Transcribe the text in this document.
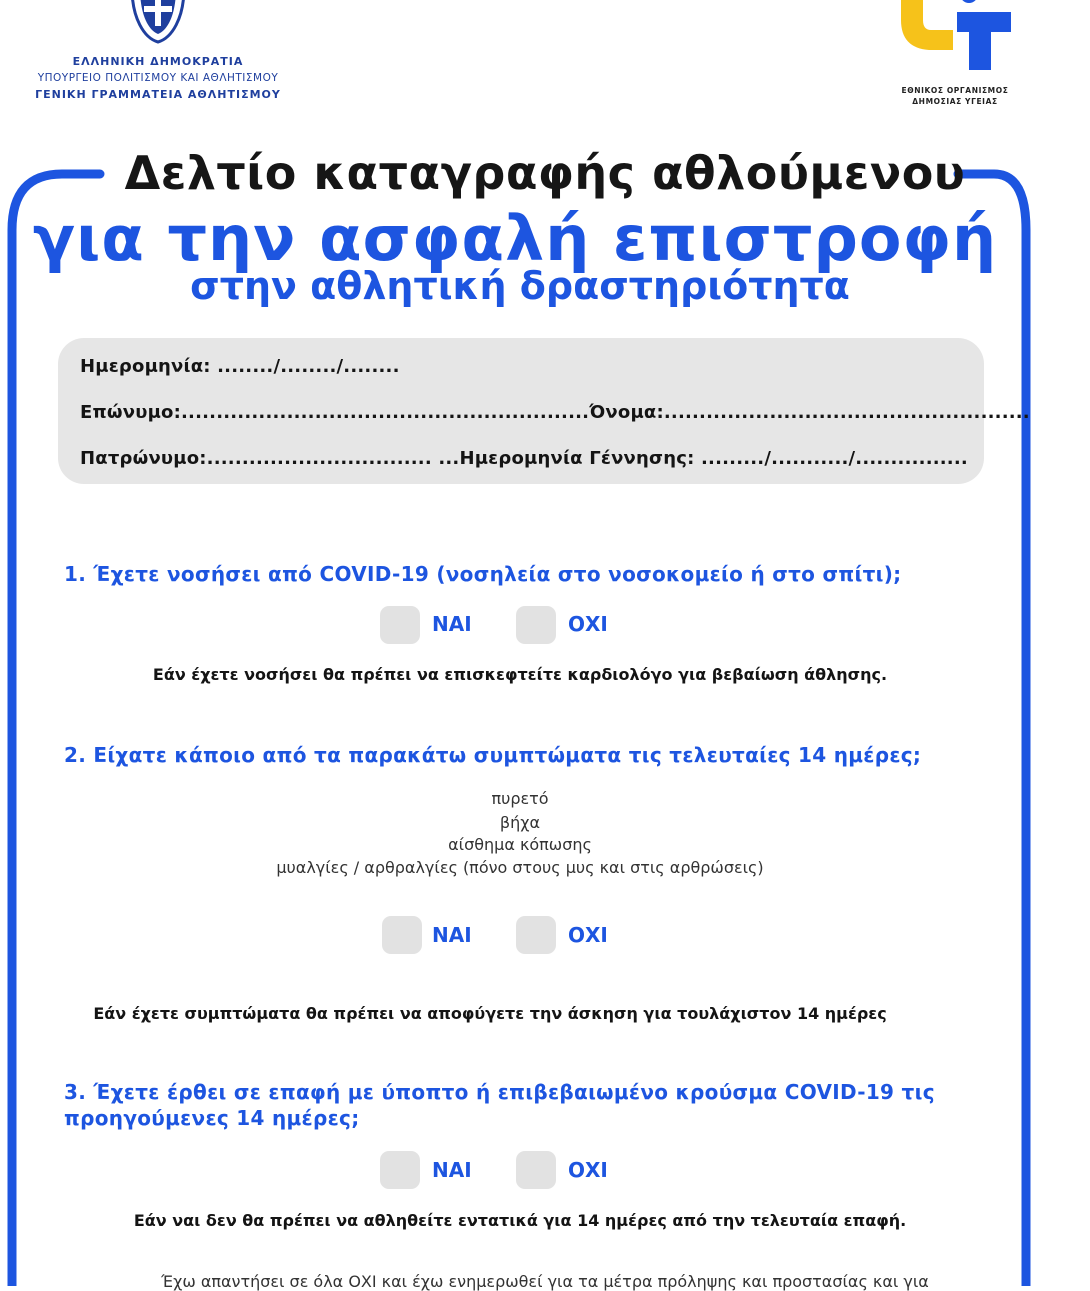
ΕΛΛΗΝΙΚΗ ΔΗΜΟΚΡΑΤΙΑ
ΥΠΟΥΡΓΕΙΟ ΠΟΛΙΤΙΣΜΟΥ ΚΑΙ ΑΘΛΗΤΙΣΜΟΥ
ΓΕΝΙΚΗ ΓΡΑΜΜΑΤΕΙΑ ΑΘΛΗΤΙΣΜΟΥ	ΕΘΝΙΚΟΣ ΟΡΓΑΝΙΣΜΟΣ
ΔΗΜΟΣΙΑΣ ΥΓΕΙΑΣ
Δελτίο καταγραφής αθλούμενου
για την ασφαλή επιστροφή
στην αθλητική δραστηριότητα
Ημερομηνία: ......../......../........
Επώνυμο:..........................................................Όνομα:....................................................
Πατρώνυμο:................................ ...Ημερομηνία Γέννησης: ........./.........../................
1. Έχετε νοσήσει από COVID-19 (νοσηλεία στο νοσοκομείο ή στο σπίτι);
ΝΑΙ	ΟΧΙ
Εάν έχετε νοσήσει θα πρέπει να επισκεφτείτε καρδιολόγο για βεβαίωση άθλησης.
2. Είχατε κάποιο από τα παρακάτω συμπτώματα τις τελευταίες 14 ημέρες;
πυρετό
βήχα
αίσθημα κόπωσης
μυαλγίες / αρθραλγίες (πόνο στους μυς και στις αρθρώσεις)
ΝΑΙ	ΟΧΙ
Εάν έχετε συμπτώματα θα πρέπει να αποφύγετε την άσκηση για τουλάχιστον 14 ημέρες
3. Έχετε έρθει σε επαφή με ύποπτο ή επιβεβαιωμένο κρούσμα COVID-19 τις
προηγούμενες 14 ημέρες;
ΝΑΙ	ΟΧΙ
Εάν ναι δεν θα πρέπει να αθληθείτε εντατικά για 14 ημέρες από την τελευταία επαφή.
Έχω απαντήσει σε όλα ΟΧΙ και έχω ενημερωθεί για τα μέτρα πρόληψης και προστασίας και για
